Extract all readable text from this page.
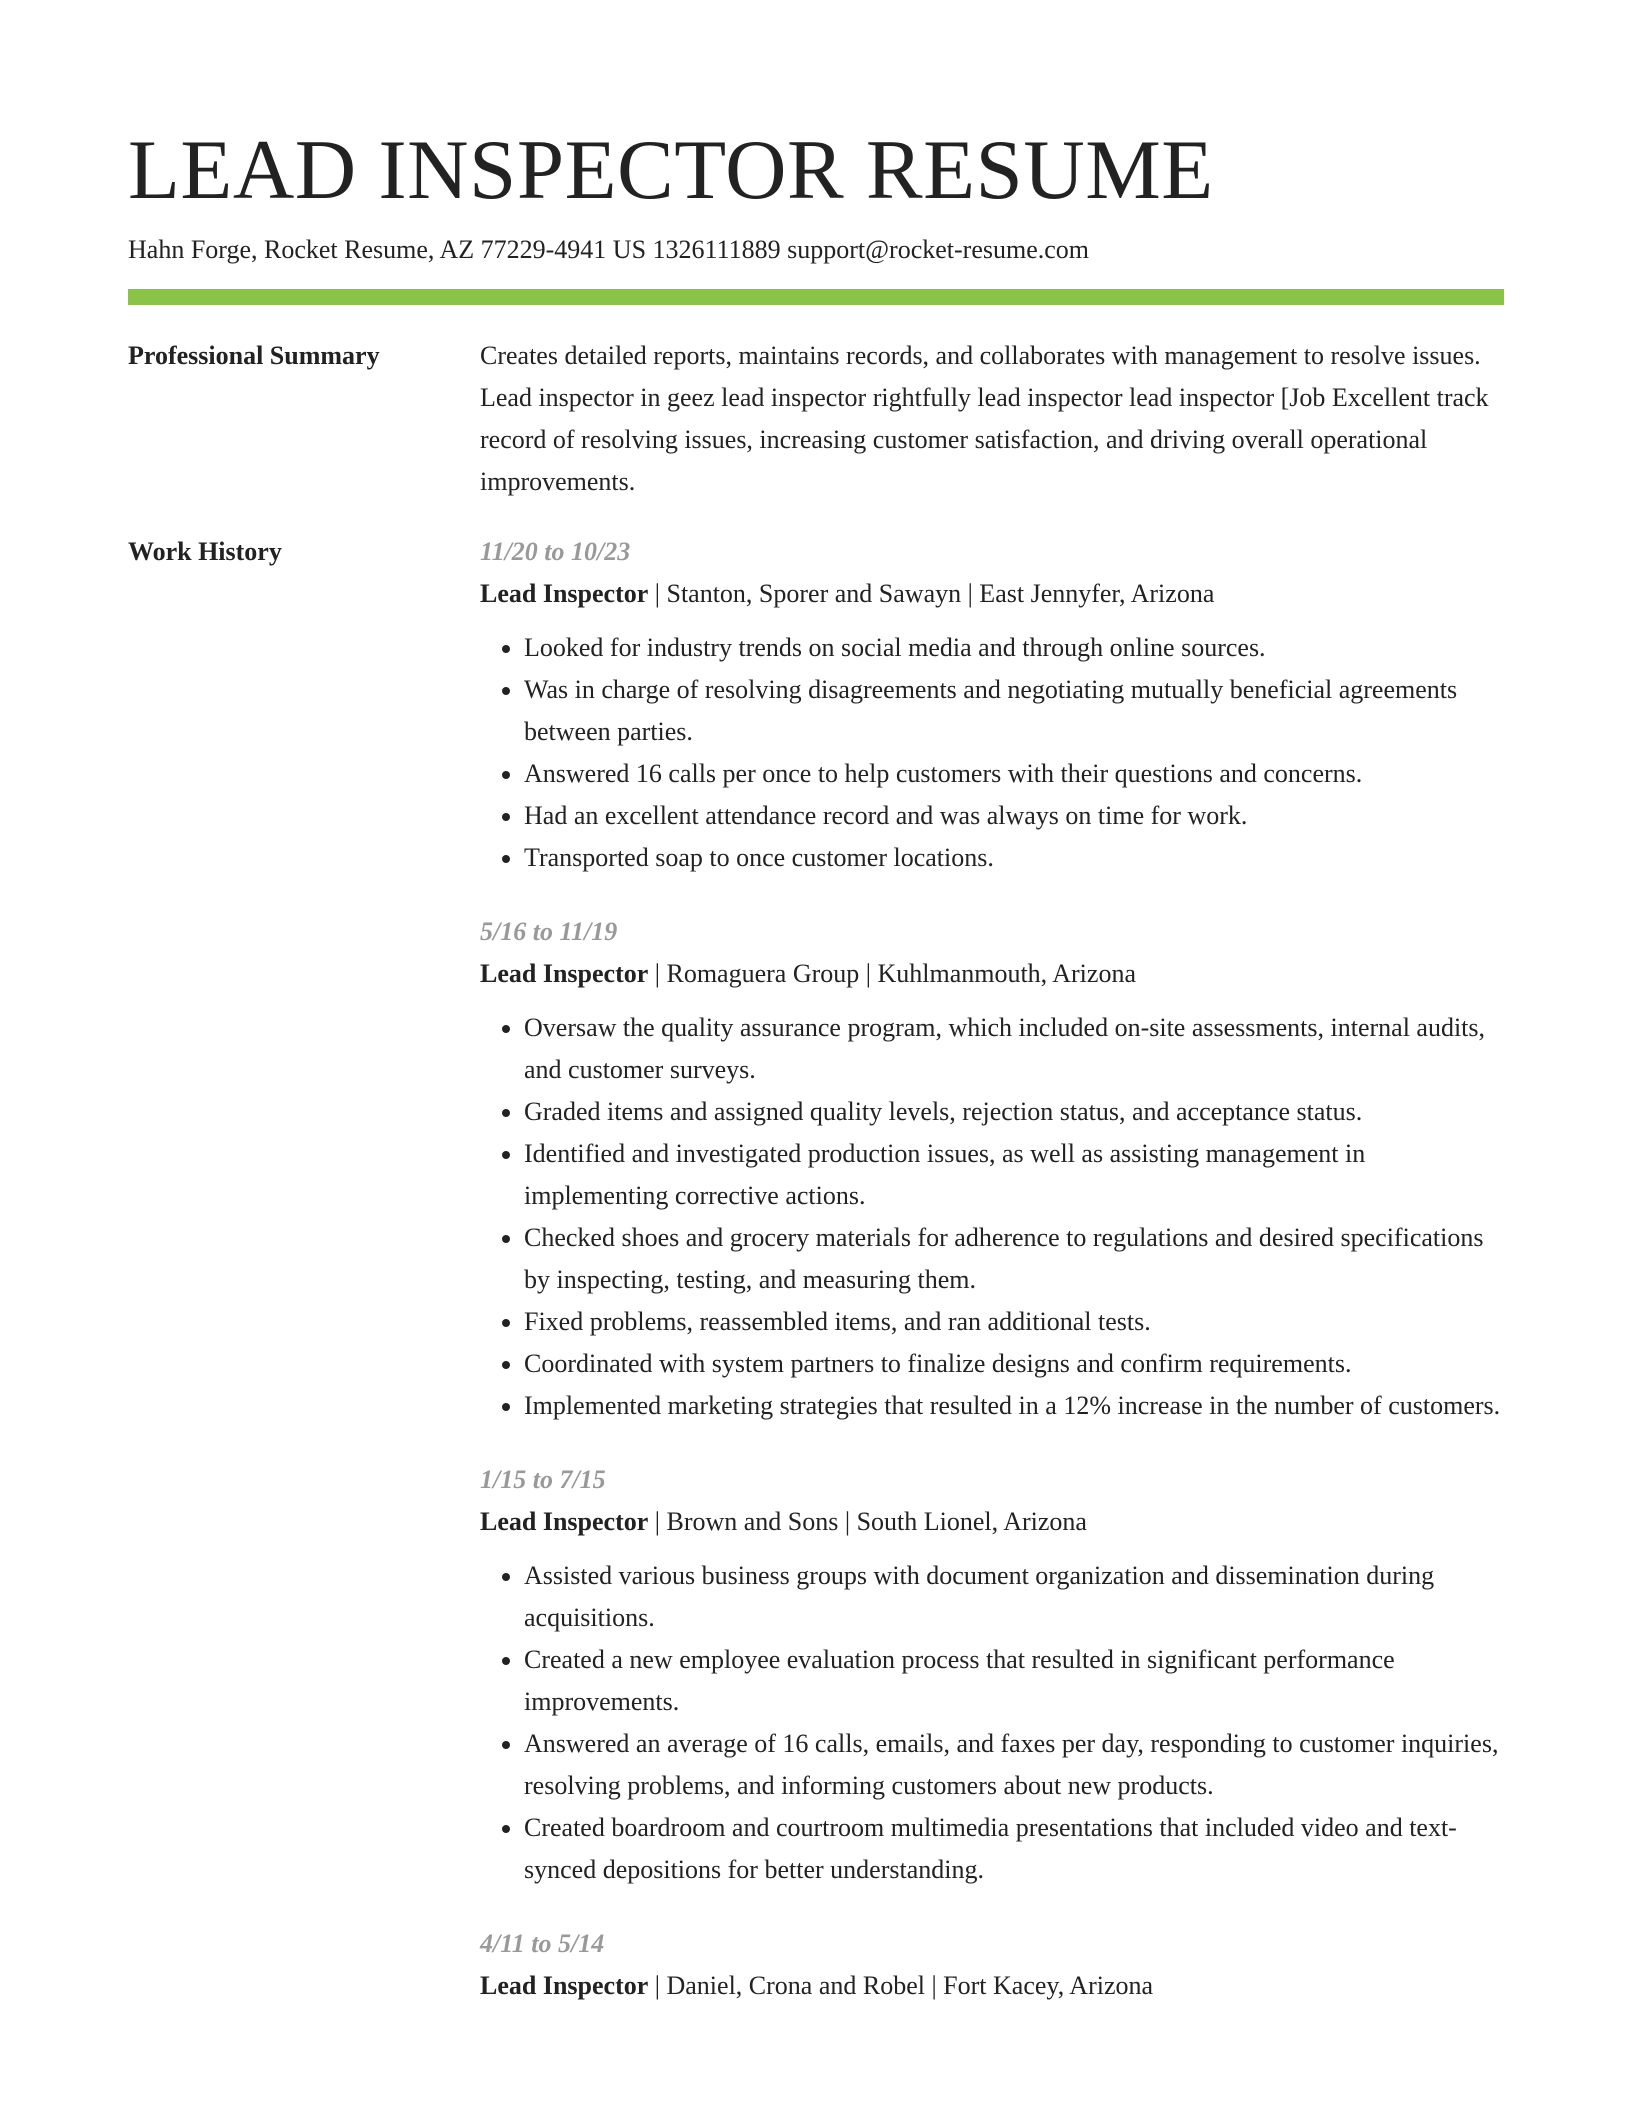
LEAD INSPECTOR RESUME
Hahn Forge, Rocket Resume, AZ 77229-4941 US 1326111889 support@rocket-resume.com
Professional Summary	Creates detailed reports, maintains records, and collaborates with management to resolve issues. Lead inspector in geez lead inspector rightfully lead inspector lead inspector [Job Excellent track record of resolving issues, increasing customer satisfaction, and driving overall operational improvements.
Work History	11/20 to 10/23
Lead Inspector | Stanton, Sporer and Sawayn | East Jennyfer, Arizona
• Looked for industry trends on social media and through online sources.
• Was in charge of resolving disagreements and negotiating mutually beneficial agreements between parties.
• Answered 16 calls per once to help customers with their questions and concerns.
• Had an excellent attendance record and was always on time for work.
• Transported soap to once customer locations.
5/16 to 11/19
Lead Inspector | Romaguera Group | Kuhlmanmouth, Arizona
• Oversaw the quality assurance program, which included on-site assessments, internal audits, and customer surveys.
• Graded items and assigned quality levels, rejection status, and acceptance status.
• Identified and investigated production issues, as well as assisting management in implementing corrective actions.
• Checked shoes and grocery materials for adherence to regulations and desired specifications by inspecting, testing, and measuring them.
• Fixed problems, reassembled items, and ran additional tests.
• Coordinated with system partners to finalize designs and confirm requirements.
• Implemented marketing strategies that resulted in a 12% increase in the number of customers.
1/15 to 7/15
Lead Inspector | Brown and Sons | South Lionel, Arizona
• Assisted various business groups with document organization and dissemination during acquisitions.
• Created a new employee evaluation process that resulted in significant performance improvements.
• Answered an average of 16 calls, emails, and faxes per day, responding to customer inquiries, resolving problems, and informing customers about new products.
• Created boardroom and courtroom multimedia presentations that included video and text-synced depositions for better understanding.
4/11 to 5/14
Lead Inspector | Daniel, Crona and Robel | Fort Kacey, Arizona
